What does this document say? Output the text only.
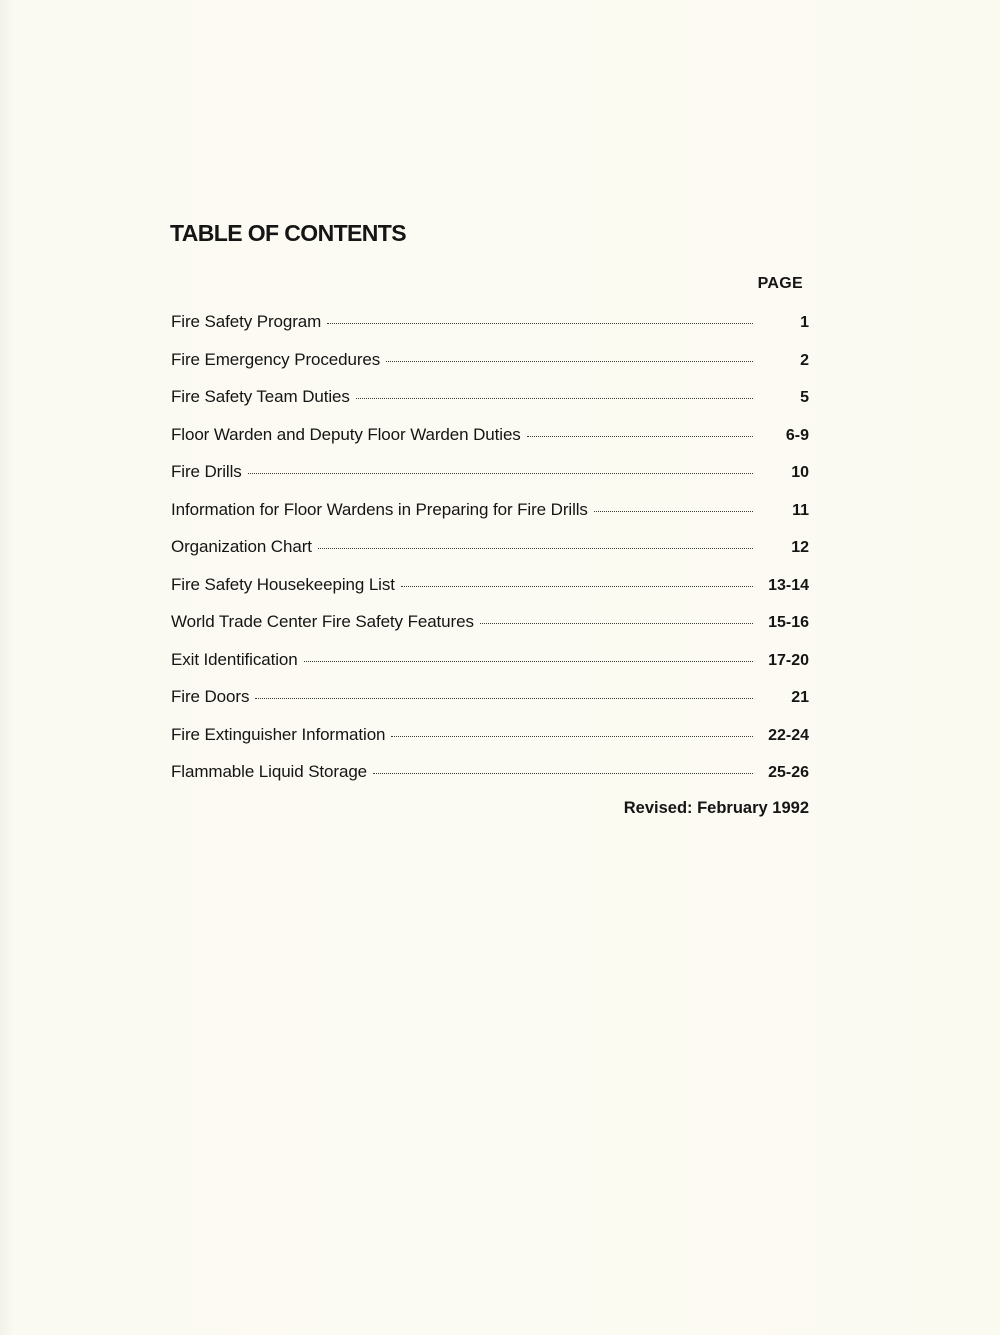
TABLE OF CONTENTS
PAGE
Fire Safety Program	1
Fire Emergency Procedures	2
Fire Safety Team Duties	5
Floor Warden and Deputy Floor Warden Duties	6-9
Fire Drills	10
Information for Floor Wardens in Preparing for Fire Drills	11
Organization Chart	12
Fire Safety Housekeeping List	13-14
World Trade Center Fire Safety Features	15-16
Exit Identification	17-20
Fire Doors	21
Fire Extinguisher Information	22-24
Flammable Liquid Storage	25-26
Revised: February 1992
